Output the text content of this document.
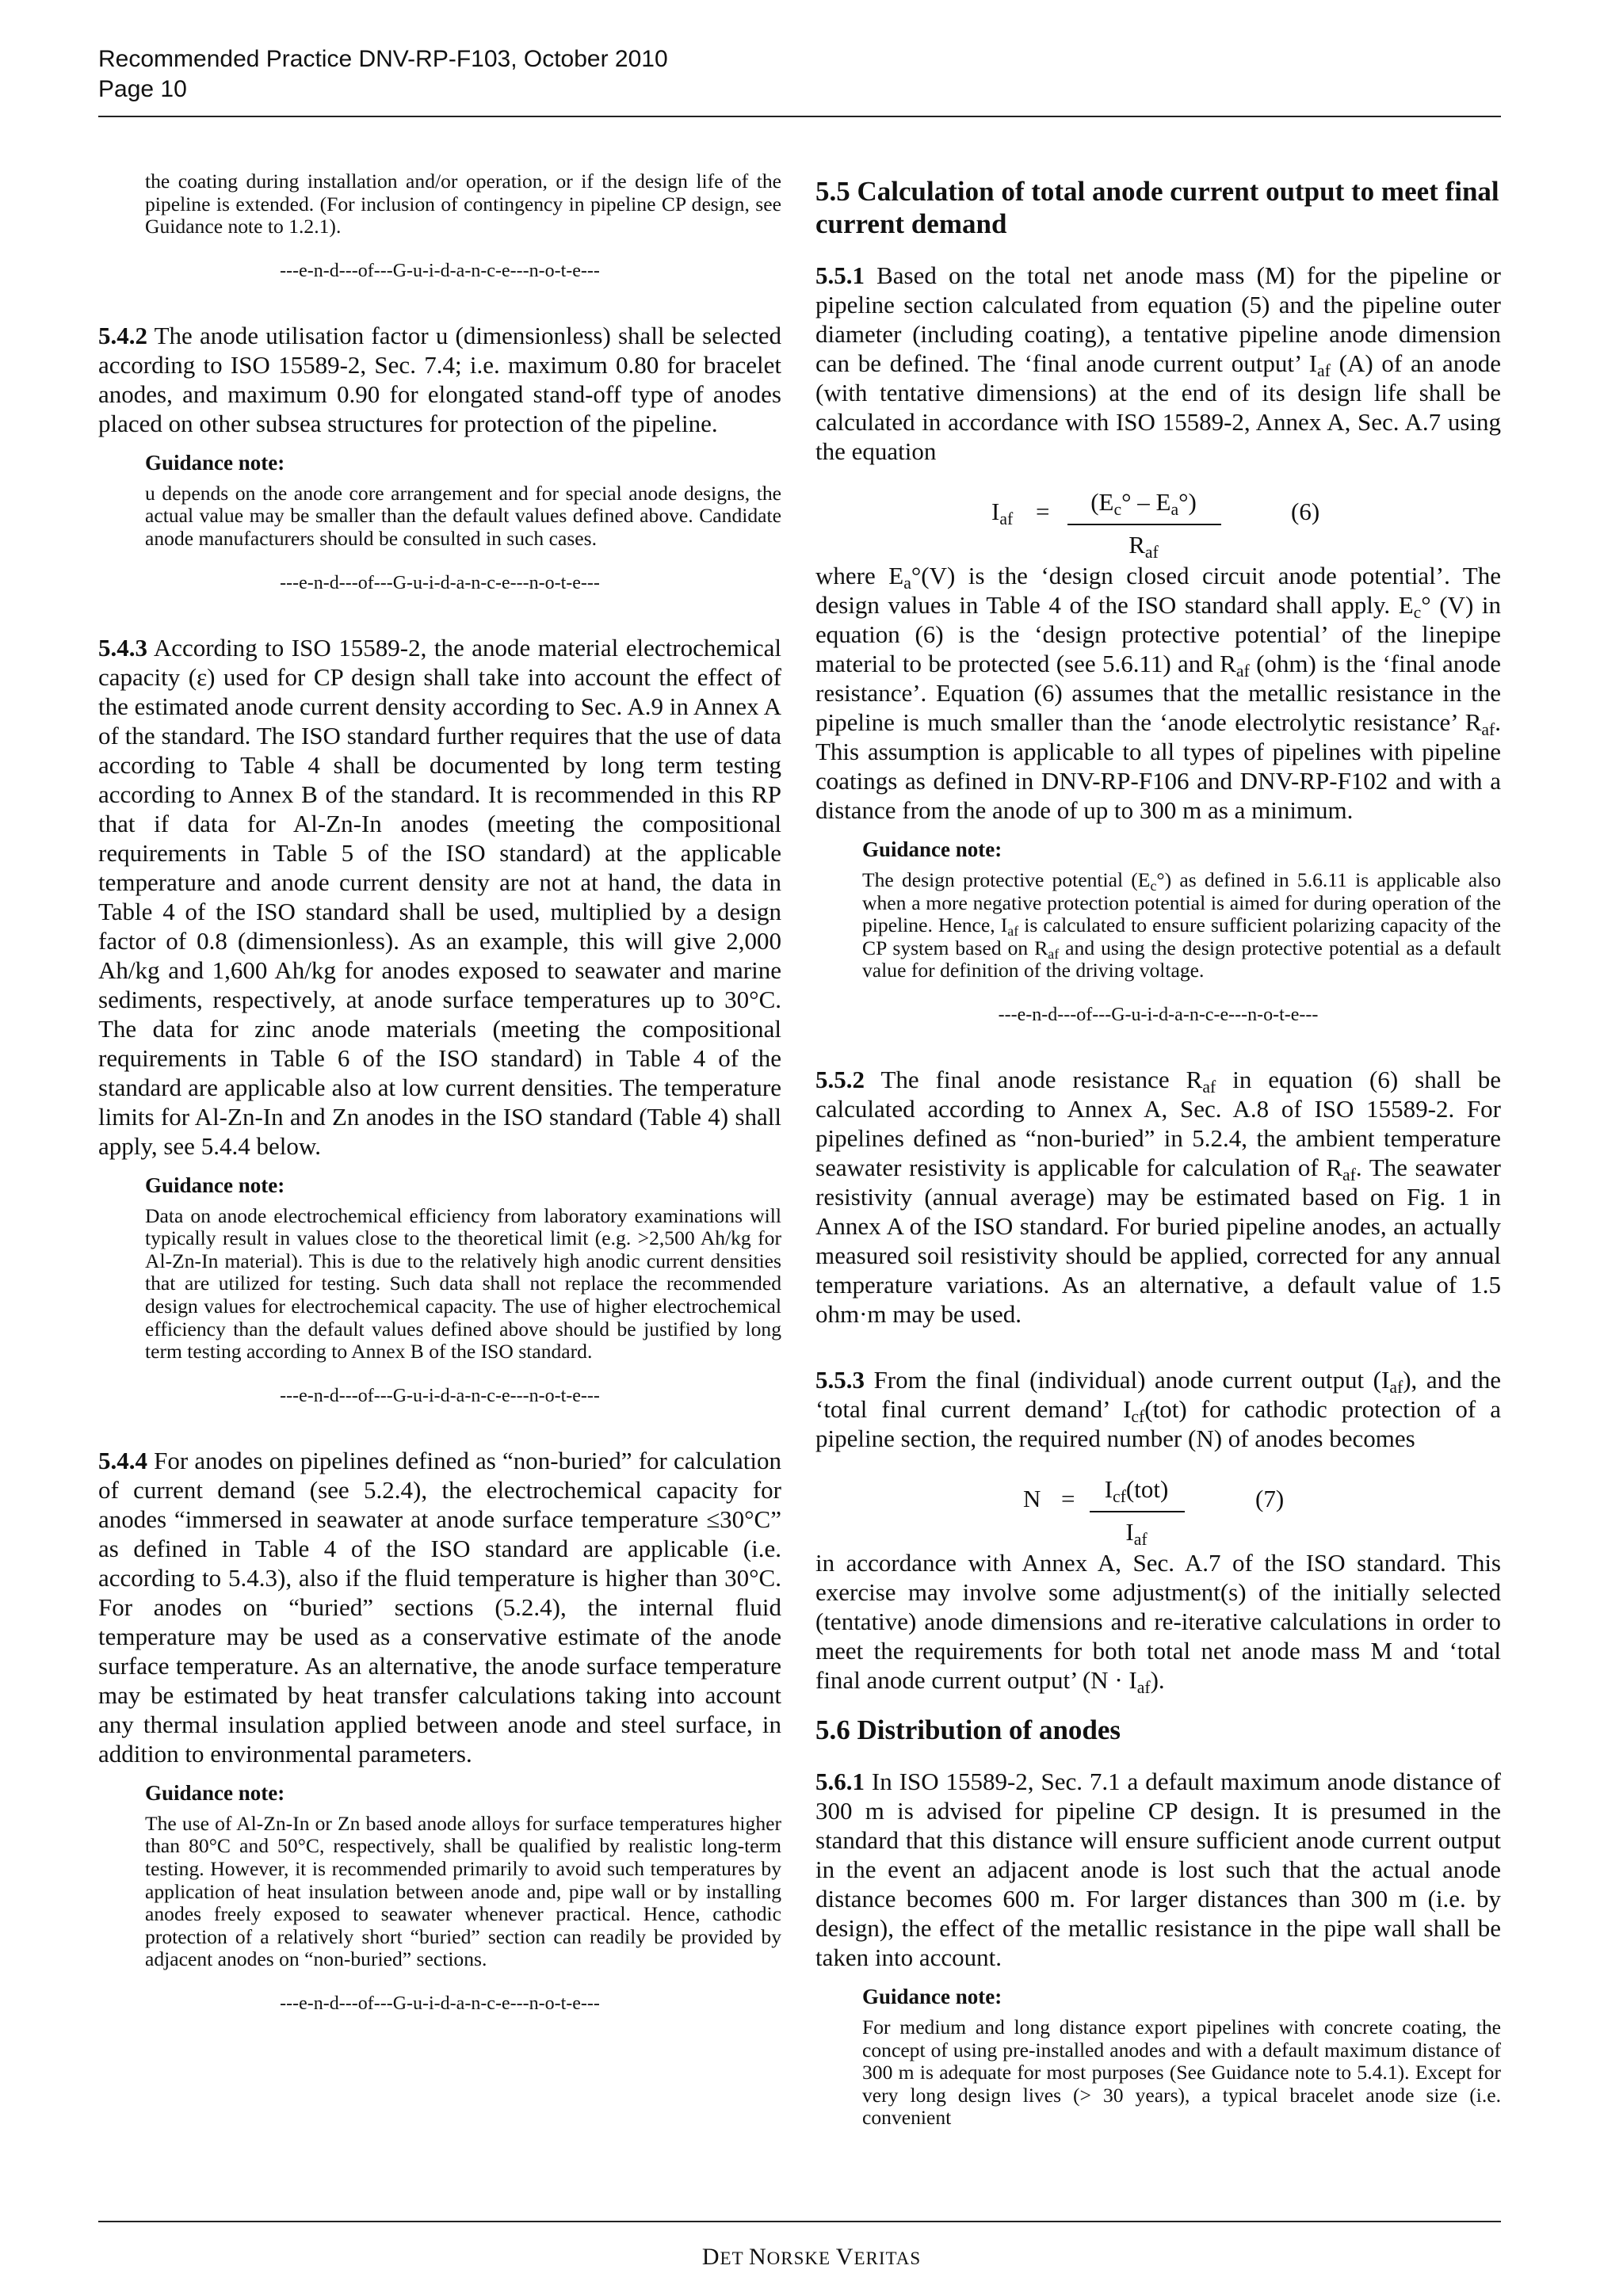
Recommended Practice DNV-RP-F103, October 2010
Page 10

the coating during installation and/or operation, or if the design life of the pipeline is extended. (For inclusion of contingency in pipeline CP design, see Guidance note to 1.2.1).

---e-n-d---of---G-u-i-d-a-n-c-e---n-o-t-e---

5.4.2 The anode utilisation factor u (dimensionless) shall be selected according to ISO 15589-2, Sec. 7.4; i.e. maximum 0.80 for bracelet anodes, and maximum 0.90 for elongated stand-off type of anodes placed on other subsea structures for protection of the pipeline.

Guidance note:

u depends on the anode core arrangement and for special anode designs, the actual value may be smaller than the default values defined above. Candidate anode manufacturers should be consulted in such cases.

---e-n-d---of---G-u-i-d-a-n-c-e---n-o-t-e---

5.4.3 According to ISO 15589-2, the anode material electrochemical capacity (ε) used for CP design shall take into account the effect of the estimated anode current density according to Sec. A.9 in Annex A of the standard. The ISO standard further requires that the use of data according to Table 4 shall be documented by long term testing according to Annex B of the standard. It is recommended in this RP that if data for Al-Zn-In anodes (meeting the compositional requirements in Table 5 of the ISO standard) at the applicable temperature and anode current density are not at hand, the data in Table 4 of the ISO standard shall be used, multiplied by a design factor of 0.8 (dimensionless). As an example, this will give 2,000 Ah/kg and 1,600 Ah/kg for anodes exposed to seawater and marine sediments, respectively, at anode surface temperatures up to 30°C. The data for zinc anode materials (meeting the compositional requirements in Table 6 of the ISO standard) in Table 4 of the standard are applicable also at low current densities. The temperature limits for Al-Zn-In and Zn anodes in the ISO standard (Table 4) shall apply, see 5.4.4 below.

Guidance note:

Data on anode electrochemical efficiency from laboratory examinations will typically result in values close to the theoretical limit (e.g. >2,500 Ah/kg for Al-Zn-In material). This is due to the relatively high anodic current densities that are utilized for testing. Such data shall not replace the recommended design values for electrochemical capacity. The use of higher electrochemical efficiency than the default values defined above should be justified by long term testing according to Annex B of the ISO standard.

---e-n-d---of---G-u-i-d-a-n-c-e---n-o-t-e---

5.4.4 For anodes on pipelines defined as “non-buried” for calculation of current demand (see 5.2.4), the electrochemical capacity for anodes “immersed in seawater at anode surface temperature ≤30°C” as defined in Table 4 of the ISO standard are applicable (i.e. according to 5.4.3), also if the fluid temperature is higher than 30°C. For anodes on “buried” sections (5.2.4), the internal fluid temperature may be used as a conservative estimate of the anode surface temperature. As an alternative, the anode surface temperature may be estimated by heat transfer calculations taking into account any thermal insulation applied between anode and steel surface, in addition to environmental parameters.

Guidance note:

The use of Al-Zn-In or Zn based anode alloys for surface temperatures higher than 80°C and 50°C, respectively, shall be qualified by realistic long-term testing. However, it is recommended primarily to avoid such temperatures by application of heat insulation between anode and, pipe wall or by installing anodes freely exposed to seawater whenever practical. Hence, cathodic protection of a relatively short “buried” section can readily be provided by adjacent anodes on “non-buried” sections.

---e-n-d---of---G-u-i-d-a-n-c-e---n-o-t-e---
5.5 Calculation of total anode current output to meet final current demand

5.5.1 Based on the total net anode mass (M) for the pipeline or pipeline section calculated from equation (5) and the pipeline outer diameter (including coating), a tentative pipeline anode dimension can be defined. The ‘final anode current output’ $I_{af}$ (A) of an anode (with tentative dimensions) at the end of its design life shall be calculated in accordance with ISO 15589-2, Annex A, Sec. A.7 using the equation

$I_{af}$ =	$(E_c^\circ - E_a^\circ)$
$R_{af}$
(6)

where $E_a^\circ(V)$ is the ‘design closed circuit anode potential’. The design values in Table 4 of the ISO standard shall apply. $E_c^\circ$ (V) in equation (6) is the ‘design protective potential’ of the linepipe material to be protected (see 5.6.11) and $R_{af}$ (ohm) is the ‘final anode resistance’. Equation (6) assumes that the metallic resistance in the pipeline is much smaller than the ‘anode electrolytic resistance’ $R_{af}$. This assumption is applicable to all types of pipelines with pipeline coatings as defined in DNV-RP-F106 and DNV-RP-F102 and with a distance from the anode of up to 300 m as a minimum.

Guidance note:

The design protective potential $(E_c^\circ)$ as defined in 5.6.11 is applicable also when a more negative protection potential is aimed for during operation of the pipeline. Hence, $I_{af}$ is calculated to ensure sufficient polarizing capacity of the CP system based on $R_{af}$ and using the design protective potential as a default value for definition of the driving voltage.

---e-n-d---of---G-u-i-d-a-n-c-e---n-o-t-e---

5.5.2 The final anode resistance $R_{af}$ in equation (6) shall be calculated according to Annex A, Sec. A.8 of ISO 15589-2. For pipelines defined as “non-buried” in 5.2.4, the ambient temperature seawater resistivity is applicable for calculation of $R_{af}$. The seawater resistivity (annual average) may be estimated based on Fig. 1 in Annex A of the ISO standard. For buried pipeline anodes, an actually measured soil resistivity should be applied, corrected for any annual temperature variations. As an alternative, a default value of 1.5 ohm·m may be used.

5.5.3 From the final (individual) anode current output $(I_{af})$, and the ‘total final current demand’ $I_{cf}(tot)$ for cathodic protection of a pipeline section, the required number (N) of anodes becomes

N =	$I_{cf}(tot)$
$I_{af}$
(7)

in accordance with Annex A, Sec. A.7 of the ISO standard. This exercise may involve some adjustment(s) of the initially selected (tentative) anode dimensions and re-iterative calculations in order to meet the requirements for both total net anode mass M and ‘total final anode current output’ $(N \cdot I_{af})$.

5.6 Distribution of anodes

5.6.1 In ISO 15589-2, Sec. 7.1 a default maximum anode distance of 300 m is advised for pipeline CP design. It is presumed in the standard that this distance will ensure sufficient anode current output in the event an adjacent anode is lost such that the actual anode distance becomes 600 m. For larger distances than 300 m (i.e. by design), the effect of the metallic resistance in the pipe wall shall be taken into account.

Guidance note:

For medium and long distance export pipelines with concrete coating, the concept of using pre-installed anodes and with a default maximum distance of 300 m is adequate for most purposes (See Guidance note to 5.4.1). Except for very long design lives (> 30 years), a typical bracelet anode size (i.e. convenient

DET NORSKE VERITAS
